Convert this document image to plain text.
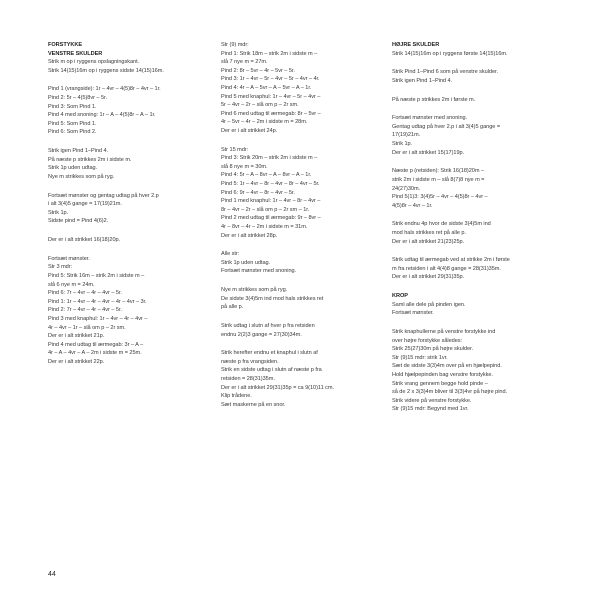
FORSTYKKE
VENSTRE SKULDER
Strik m op i ryggens opslagningskant.
Strik 14(15)16m op i ryggens sidste 14(15)16m.
Pind 1 (vrangside): 1r – 4vr – 4(5)8r – 4vr – 1r.
Pind 2: 5r – 4(5)8vr – 5r.
Pind 3: Som Pind 1.
Pind 4 med snoning: 1r – A – 4(5)8r – A – 1r.
Pind 5: Som Pind 1.
Pind 6: Som Pind 2.
Strik igen Pind 1–Pind 4.
På næste p strikkes 2m i sidste m.
Strik 1p uden udtag.
Nye m strikkes som på ryg.
Fortsæt mønster og gentag udtag på hver 2.p
i alt 3(4)5 gange = 17(19)21m.
Strik 1p.
Sidste pind = Pind 4(6)2.
Der er i alt strikket 16(18)20p.
Fortsæt mønster.
Str 3 mdr:
Pind 5: Strik 16m – strik 2m i sidste m –
slå 6 nye m = 24m.
Pind 6: 7r – 4vr – 4r – 4vr – 5r.
Pind 1: 1r – 4vr – 4r – 4vr – 4r – 4vr – 3r.
Pind 2: 7r – 4vr – 4r – 4vr – 5r.
Pind 3 med knaphul: 1r – 4vr – 4r – 4vr –
4r – 4vr – 1r – slå om p – 2r sm.
Der er i alt strikket 21p.
Pind 4 med udtag til ærmegab: 3r – A –
4r – A – 4vr – A – 2m i sidste m = 25m.
Der er i alt strikket 22p.
Str (9) mdr:
Pind 1: Strik 18m – strik 2m i sidste m –
slå 7 nye m = 27m.
Pind 2: 8r – 5vr – 4r – 5vr – 5r.
Pind 3: 1r – 4vr – 5r – 4vr – 5r – 4vr – 4r.
Pind 4: 4r – A – 5vr – A – 5vr – A – 1r.
Pind 5 med knaphul: 1r – 4vr – 5r – 4vr –
5r – 4vr – 2r – slå om p – 2r sm.
Pind 6 med udtag til ærmegab: 8r – 5vr –
4r – 5vr – 4r – 2m i sidste m = 28m.
Der er i alt strikket 24p.
Str 15 mdr:
Pind 3: Strik 20m – strik 2m i sidste m –
slå 8 nye m = 30m.
Pind 4: 5r – A – 8vr – A – 8vr – A – 1r.
Pind 5: 1r – 4vr – 8r – 4vr – 8r – 4vr – 5r.
Pind 6: 9r – 4vr – 8r – 4vr – 5r.
Pind 1 med knaphul: 1r – 4vr – 8r – 4vr –
8r – 4vr – 2r – slå om p – 2r sm – 1r.
Pind 2 med udtag til ærmegab: 9r – 8vr –
4r – 8vr – 4r – 2m i sidste m = 31m.
Der er i alt strikket 28p.
Alle str:
Strik 1p uden udtag.
Fortsæt mønster med snoning.
Nye m strikkes som på ryg.
De sidste 3(4)5m ind mod hals strikkes ret
på alle p.
Strik udtag i slutn af hver p fra retsiden
endnu 2(2)3 gange = 27(30)34m.
Strik herefter endnu et knaphul i slutn af
næste p fra vrangsiden.
Strik en sidste udtag i slutn af næste p fra
retsiden = 28(31)35m.
Der er i alt strikket 29(31)35p = ca 9(10)11 cm.
Klip trådene.
Sæt maskerne på en snor.
HØJRE SKULDER
Strik 14(15)16m op i ryggens første 14(15)16m.
Strik Pind 1–Pind 6 som på venstre skulder.
Strik igen Pind 1–Pind 4.
På næste p strikkes 2m i første m.
Fortsæt mønster med snoning.
Gentag udtag på hver 2.p i alt 3(4)5 gange =
17(19)21m.
Strik 1p.
Der er i alt strikket 15(17)19p.
Næste p (retsiden): Strik 16(18)20m –
strik 2m i sidste m – slå 8(7)8 nye m =
24(27)30m.
Pind 5(1)3: 3(4)5r – 4vr – 4(5)8r – 4vr –
4(5)8r – 4vr – 1r.
Strik endnu 4p hvor de sidste 3(4)5m ind
mod hals strikkes ret på alle p.
Der er i alt strikket 21(23)25p.
Strik udtag til ærmegab ved at strikke 2m i første
m fra retsiden i alt 4(4)8 gange = 28(31)35m.
Der er i alt strikket 29(31)35p.
KROP
Saml alle dele på pinden igen.
Fortsæt mønster.
Strik knaphullerne på venstre forstykke ind
over højre forstykke således:
Strik 25(27)30m på højre skulder.
Str (9)15 mdr: strik 1vr.
Sæt de sidste 3(3)4m over på en hjælpepind.
Hold hjælpepinden bag venstre forstykke.
Strik vrang gennem begge hold pinde –
så de 2 x 3(3)4m bliver til 3(3)4vr på højre pind.
Strik videre på venstre forstykke.
Str (9)15 mdr: Begynd med 1vr.
44
